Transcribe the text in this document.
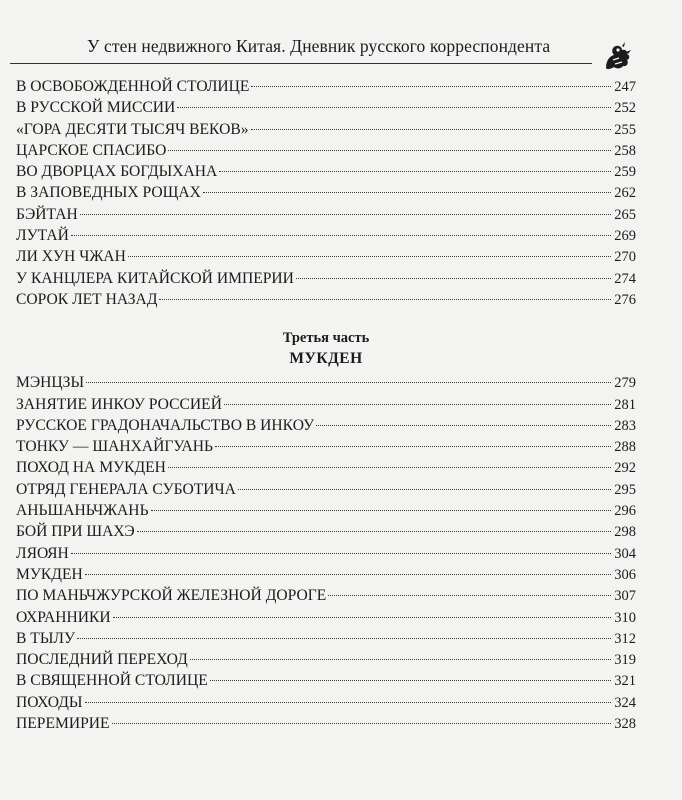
У стен недвижного Китая. Дневник русского корреспондента
В ОСВОБОЖДЕННОЙ СТОЛИЦЕ	247
В РУССКОЙ МИССИИ	252
«ГОРА ДЕСЯТИ ТЫСЯЧ ВЕКОВ»	255
ЦАРСКОЕ СПАСИБО	258
ВО ДВОРЦАХ БОГДЫХАНА	259
В ЗАПОВЕДНЫХ РОЩАХ	262
БЭЙТАН	265
ЛУТАЙ	269
ЛИ ХУН ЧЖАН	270
У КАНЦЛЕРА КИТАЙСКОЙ ИМПЕРИИ	274
СОРОК ЛЕТ НАЗАД	276
Третья часть
МУКДЕН
МЭНЦЗЫ	279
ЗАНЯТИЕ ИНКОУ РОССИЕЙ	281
РУССКОЕ ГРАДОНАЧАЛЬСТВО В ИНКОУ	283
ТОНКУ — ШАНХАЙГУАНЬ	288
ПОХОД НА МУКДЕН	292
ОТРЯД ГЕНЕРАЛА СУБОТИЧА	295
АНЬШАНЬЧЖАНЬ	296
БОЙ ПРИ ШАХЭ	298
ЛЯОЯН	304
МУКДЕН	306
ПО МАНЬЧЖУРСКОЙ ЖЕЛЕЗНОЙ ДОРОГЕ	307
ОХРАННИКИ	310
В ТЫЛУ	312
ПОСЛЕДНИЙ ПЕРЕХОД	319
В СВЯЩЕННОЙ СТОЛИЦЕ	321
ПОХОДЫ	324
ПЕРЕМИРИЕ	328
